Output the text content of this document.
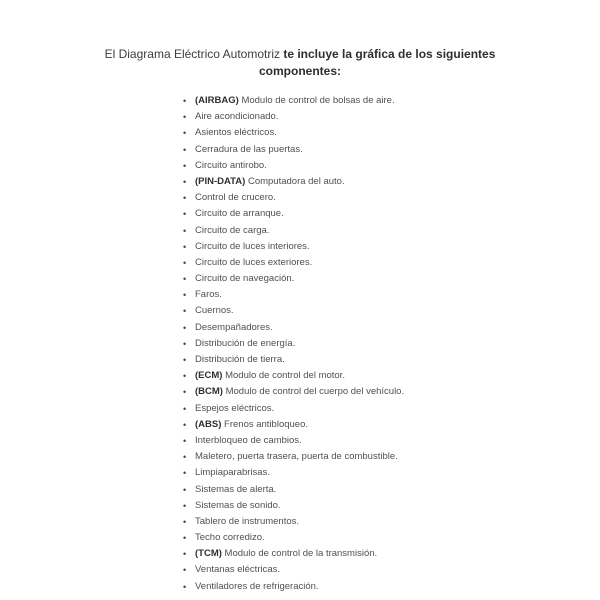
El Diagrama Eléctrico Automotriz te incluye la gráfica de los siguientes
componentes:
• (AIRBAG) Modulo de control de bolsas de aire.
• Aire acondicionado.
• Asientos eléctricos.
• Cerradura de las puertas.
• Circuito antirobo.
• (PIN-DATA) Computadora del auto.
• Control de crucero.
• Circuito de arranque.
• Circuito de carga.
• Circuito de luces interiores.
• Circuito de luces exteriores.
• Circuito de navegación.
• Faros.
• Cuernos.
• Desempañadores.
• Distribución de energía.
• Distribución de tierra.
• (ECM) Modulo de control del motor.
• (BCM) Modulo de control del cuerpo del vehículo.
• Espejos eléctricos.
• (ABS) Frenos antibloqueo.
• Interbloqueo de cambios.
• Maletero, puerta trasera, puerta de combustible.
• Limpiaparabrisas.
• Sistemas de alerta.
• Sistemas de sonido.
• Tablero de instrumentos.
• Techo corredizo.
• (TCM) Modulo de control de la transmisión.
• Ventanas eléctricas.
• Ventiladores de refrigeración.
